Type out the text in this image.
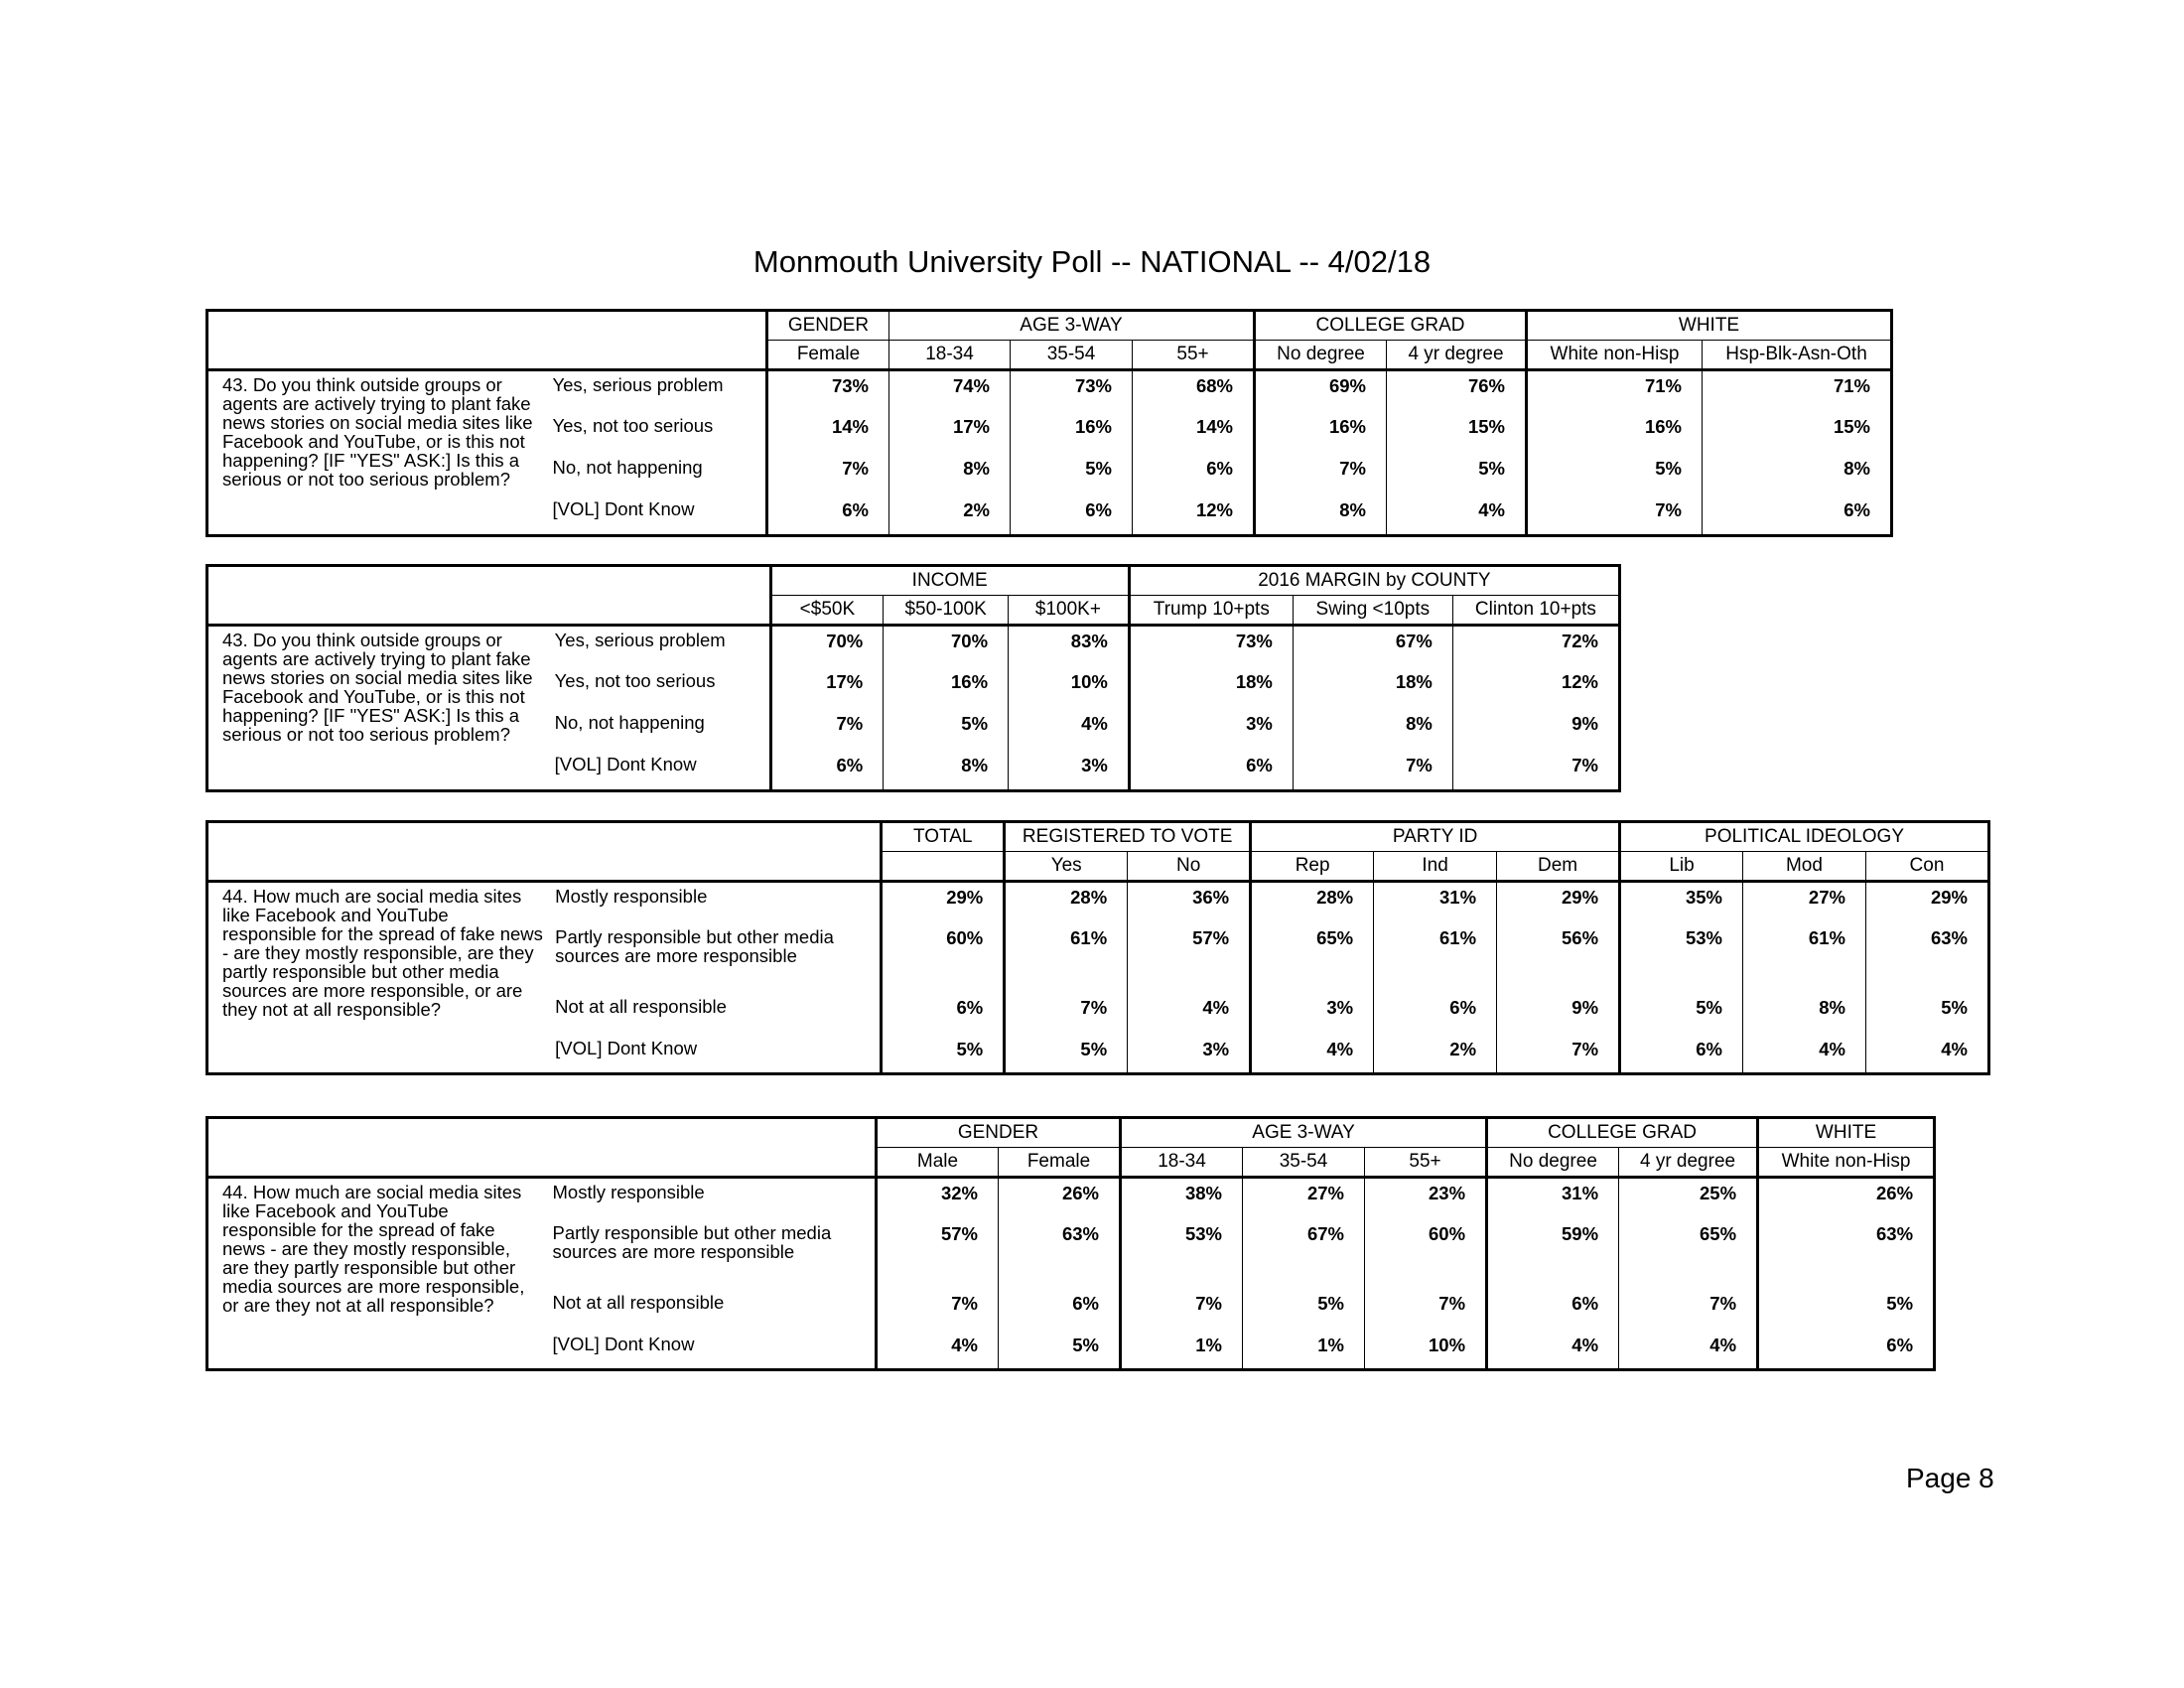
Monmouth University Poll -- NATIONAL -- 4/02/18
		GENDER	AGE 3-WAY			COLLEGE GRAD		WHITE	
		Female	18-34	35-54	55+	No degree	4 yr degree	White non-Hisp	Hsp-Blk-Asn-Oth
43. Do you think outside groups or agents are actively trying to plant fake news stories on social media sites like Facebook and YouTube, or is this not happening? [IF "YES" ASK:] Is this a serious or not too serious problem?	Yes, serious problem	73%	74%	73%	68%	69%	76%	71%	71%
	Yes, not too serious	14%	17%	16%	14%	16%	15%	16%	15%
	No, not happening	7%	8%	5%	6%	7%	5%	5%	8%
	[VOL] Dont Know	6%	2%	6%	12%	8%	4%	7%	6%
		INCOME			2016 MARGIN by COUNTY		
		<$50K	$50-100K	$100K+	Trump 10+pts	Swing <10pts	Clinton 10+pts
43. Do you think outside groups or agents are actively trying to plant fake news stories on social media sites like Facebook and YouTube, or is this not happening? [IF "YES" ASK:] Is this a serious or not too serious problem?	Yes, serious problem	70%	70%	83%	73%	67%	72%
	Yes, not too serious	17%	16%	10%	18%	18%	12%
	No, not happening	7%	5%	4%	3%	8%	9%
	[VOL] Dont Know	6%	8%	3%	6%	7%	7%
		TOTAL	REGISTERED TO VOTE		PARTY ID			POLITICAL IDEOLOGY		
			Yes	No	Rep	Ind	Dem	Lib	Mod	Con
44. How much are social media sites like Facebook and YouTube responsible for the spread of fake news - are they mostly responsible, are they partly responsible but other media sources are more responsible, or are they not at all responsible?	Mostly responsible	29%	28%	36%	28%	31%	29%	35%	27%	29%
	Partly responsible but other media sources are more responsible	60%	61%	57%	65%	61%	56%	53%	61%	63%
	Not at all responsible	6%	7%	4%	3%	6%	9%	5%	8%	5%
	[VOL] Dont Know	5%	5%	3%	4%	2%	7%	6%	4%	4%
		GENDER		AGE 3-WAY			COLLEGE GRAD		WHITE
		Male	Female	18-34	35-54	55+	No degree	4 yr degree	White non-Hisp
44. How much are social media sites like Facebook and YouTube responsible for the spread of fake news - are they mostly responsible, are they partly responsible but other media sources are more responsible, or are they not at all responsible?	Mostly responsible	32%	26%	38%	27%	23%	31%	25%	26%
	Partly responsible but other media sources are more responsible	57%	63%	53%	67%	60%	59%	65%	63%
	Not at all responsible	7%	6%	7%	5%	7%	6%	7%	5%
	[VOL] Dont Know	4%	5%	1%	1%	10%	4%	4%	6%
Page 8
